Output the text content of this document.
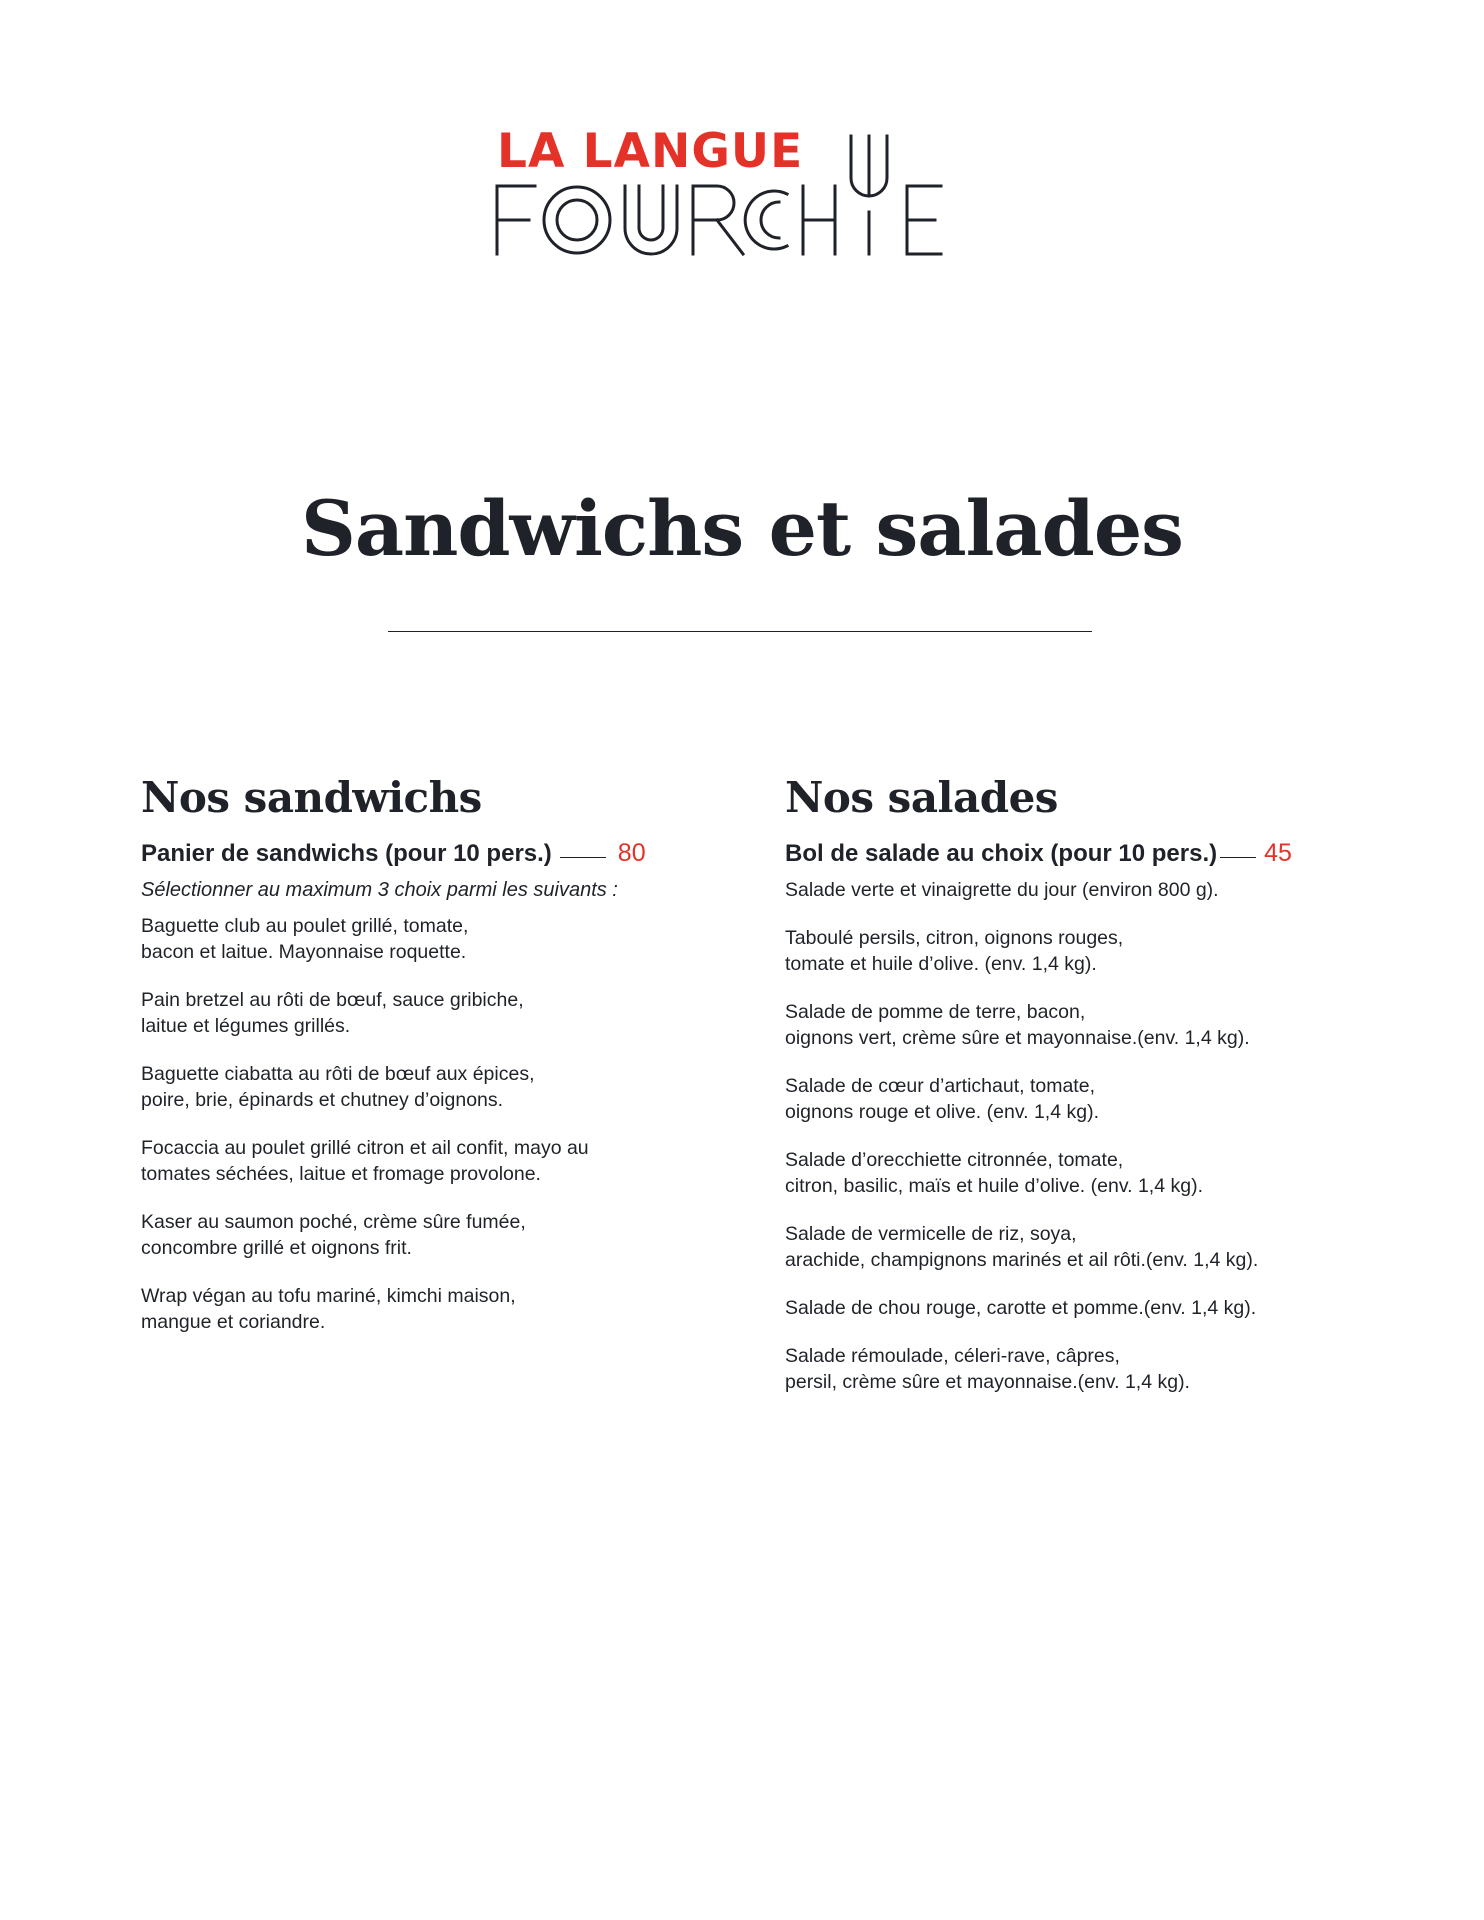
LA LANGUE
Sandwichs et salades
Nos sandwichs
Panier de sandwichs (pour 10 pers.)	80
Sélectionner au maximum 3 choix parmi les suivants :

Baguette club au poulet grillé, tomate,
bacon et laitue. Mayonnaise roquette.

Pain bretzel au rôti de bœuf, sauce gribiche,
laitue et légumes grillés.

Baguette ciabatta au rôti de bœuf aux épices,
poire, brie, épinards et chutney d’oignons.

Focaccia au poulet grillé citron et ail confit, mayo au
tomates séchées, laitue et fromage provolone.

Kaser au saumon poché, crème sûre fumée,
concombre grillé et oignons frit.

Wrap végan au tofu mariné, kimchi maison,
mangue et coriandre.

Nos salades
Bol de salade au choix (pour 10 pers.) 45

Salade verte et vinaigrette du jour (environ 800 g).

Taboulé persils, citron, oignons rouges,
tomate et huile d’olive. (env. 1,4 kg).

Salade de pomme de terre, bacon,
oignons vert, crème sûre et mayonnaise.(env. 1,4 kg).

Salade de cœur d’artichaut, tomate,
oignons rouge et olive. (env. 1,4 kg).

Salade d’orecchiette citronnée, tomate,
citron, basilic, maïs et huile d’olive. (env. 1,4 kg).

Salade de vermicelle de riz, soya,
arachide, champignons marinés et ail rôti.(env. 1,4 kg).

Salade de chou rouge, carotte et pomme.(env. 1,4 kg).

Salade rémoulade, céleri-rave, câpres,
persil, crème sûre et mayonnaise.(env. 1,4 kg).
